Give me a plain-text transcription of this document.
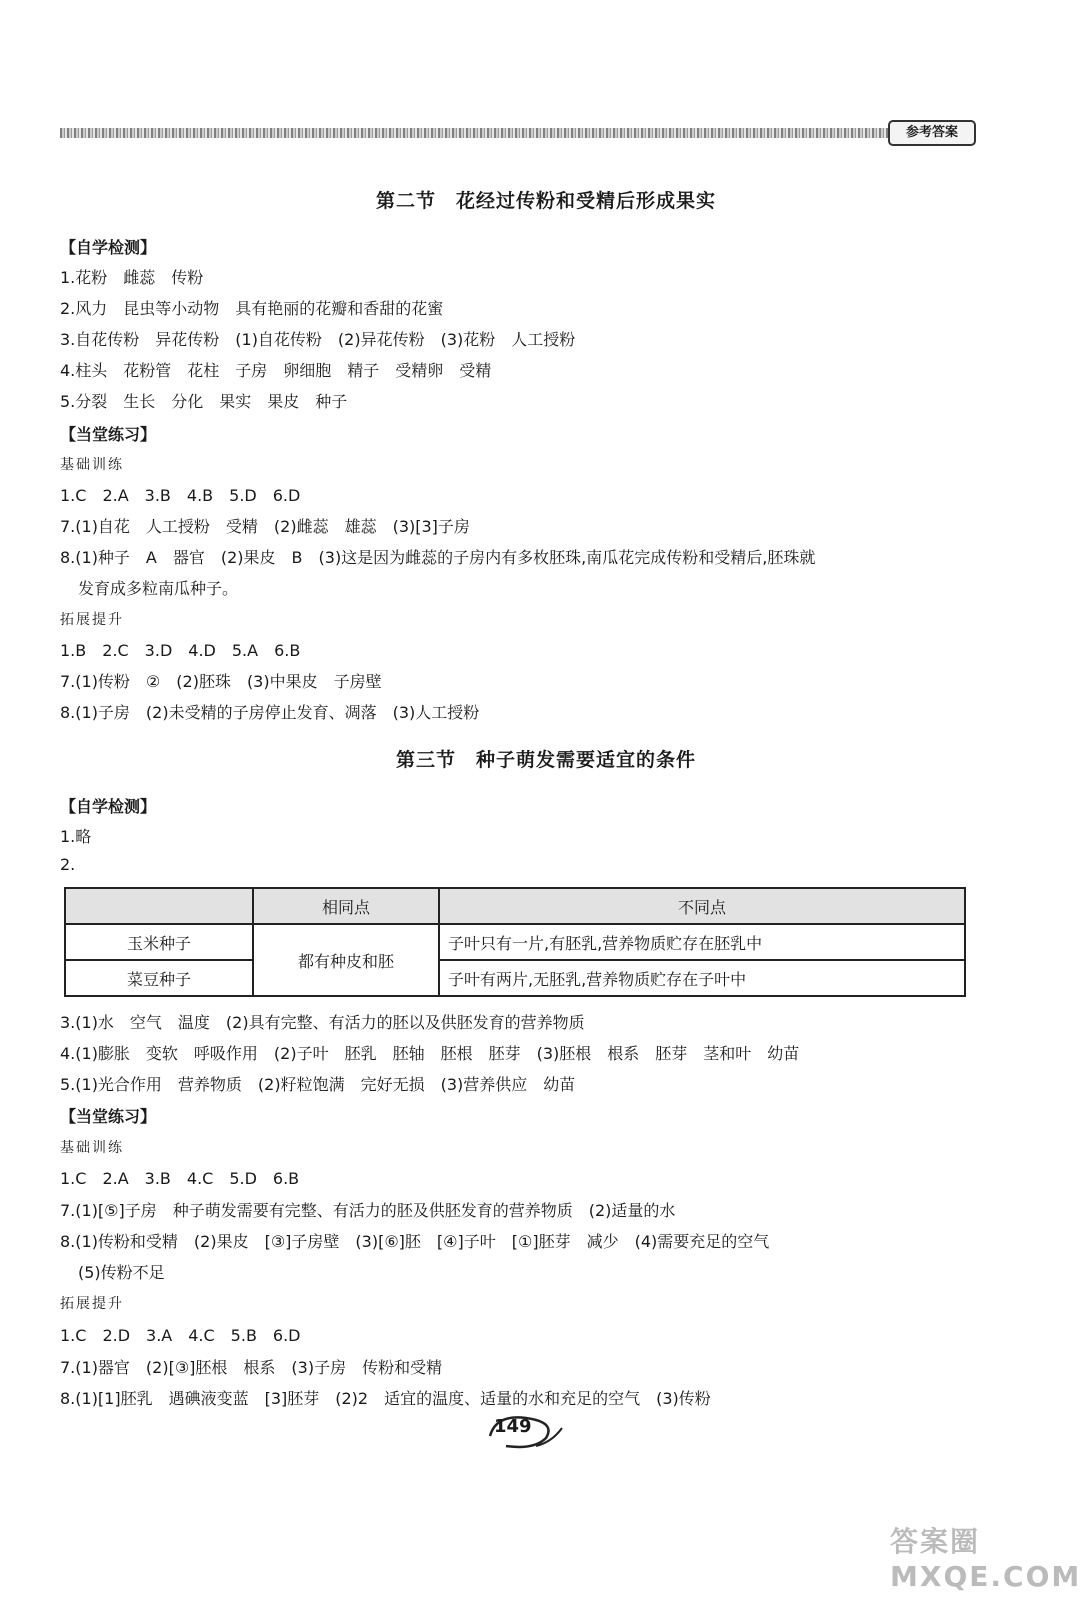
参考答案
第二节　花经过传粉和受精后形成果实
【自学检测】
1.花粉　雌蕊　传粉
2.风力　昆虫等小动物　具有艳丽的花瓣和香甜的花蜜
3.自花传粉　异花传粉　(1)自花传粉　(2)异花传粉　(3)花粉　人工授粉
4.柱头　花粉管　花柱　子房　卵细胞　精子　受精卵　受精
5.分裂　生长　分化　果实　果皮　种子
【当堂练习】
基础训练
1.C　2.A　3.B　4.B　5.D　6.D
7.(1)自花　人工授粉　受精　(2)雌蕊　雄蕊　(3)[3]子房
8.(1)种子　A　器官　(2)果皮　B　(3)这是因为雌蕊的子房内有多枚胚珠,南瓜花完成传粉和受精后,胚珠就
发育成多粒南瓜种子。
拓展提升
1.B　2.C　3.D　4.D　5.A　6.B
7.(1)传粉　②　(2)胚珠　(3)中果皮　子房壁
8.(1)子房　(2)未受精的子房停止发育、凋落　(3)人工授粉
第三节　种子萌发需要适宜的条件
【自学检测】
1.略
2.
	相同点	不同点
玉米种子	都有种皮和胚	子叶只有一片,有胚乳,营养物质贮存在胚乳中
菜豆种子		子叶有两片,无胚乳,营养物质贮存在子叶中
3.(1)水　空气　温度　(2)具有完整、有活力的胚以及供胚发育的营养物质
4.(1)膨胀　变软　呼吸作用　(2)子叶　胚乳　胚轴　胚根　胚芽　(3)胚根　根系　胚芽　茎和叶　幼苗
5.(1)光合作用　营养物质　(2)籽粒饱满　完好无损　(3)营养供应　幼苗
【当堂练习】
基础训练
1.C　2.A　3.B　4.C　5.D　6.B
7.(1)[⑤]子房　种子萌发需要有完整、有活力的胚及供胚发育的营养物质　(2)适量的水
8.(1)传粉和受精　(2)果皮　[③]子房壁　(3)[⑥]胚　[④]子叶　[①]胚芽　减少　(4)需要充足的空气
(5)传粉不足
拓展提升
1.C　2.D　3.A　4.C　5.B　6.D
7.(1)器官　(2)[③]胚根　根系　(3)子房　传粉和受精
8.(1)[1]胚乳　遇碘液变蓝　[3]胚芽　(2)2　适宜的温度、适量的水和充足的空气　(3)传粉
149
答案圈 MXQE.COM
